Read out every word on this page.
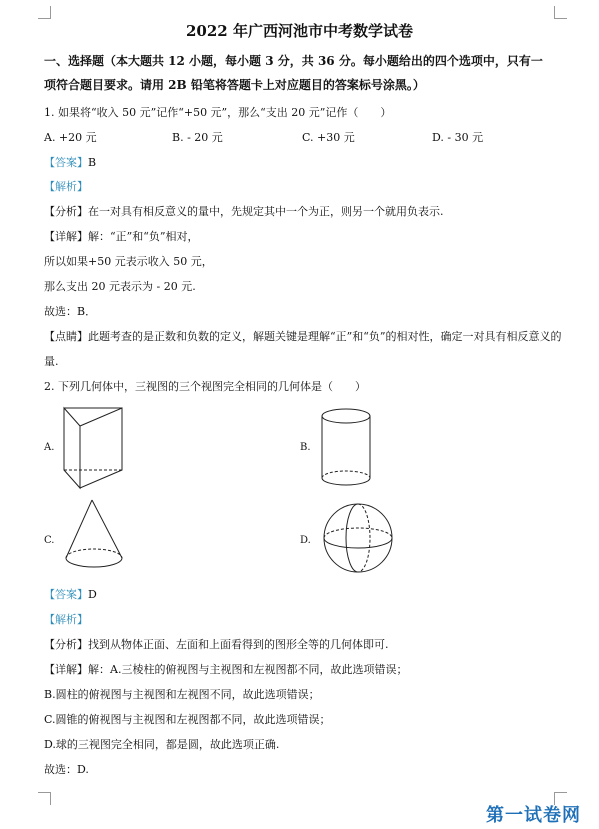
2022 年广西河池市中考数学试卷
一、选择题（本大题共 12 小题，每小题 3 分，共 36 分。每小题给出的四个选项中，只有一
项符合题目要求。请用 2B 铅笔将答题卡上对应题目的答案标号涂黑。）
1. 如果将“收入 50 元”记作“+50 元”，那么“支出 20 元”记作（　　）
A. +20 元	B. - 20 元	C. +30 元	D. - 30 元
【答案】B
【解析】
【分析】在一对具有相反意义的量中，先规定其中一个为正，则另一个就用负表示.
【详解】解：“正”和“负”相对，
所以如果+50 元表示收入 50 元，
那么支出 20 元表示为 - 20 元.
故选：B．
【点睛】此题考查的是正数和负数的定义，解题关键是理解“正”和“负”的相对性，确定一对具有相反意义的
量.
2. 下列几何体中，三视图的三个视图完全相同的几何体是（　　）
A.	B.
C.	D.
【答案】D
【解析】
【分析】找到从物体正面、左面和上面看得到的图形全等的几何体即可.
【详解】解：A.三棱柱的俯视图与主视图和左视图都不同，故此选项错误；
B.圆柱的俯视图与主视图和左视图不同，故此选项错误；
C.圆锥的俯视图与主视图和左视图都不同，故此选项错误；
D.球的三视图完全相同，都是圆，故此选项正确.
故选：D.
第一试卷网
